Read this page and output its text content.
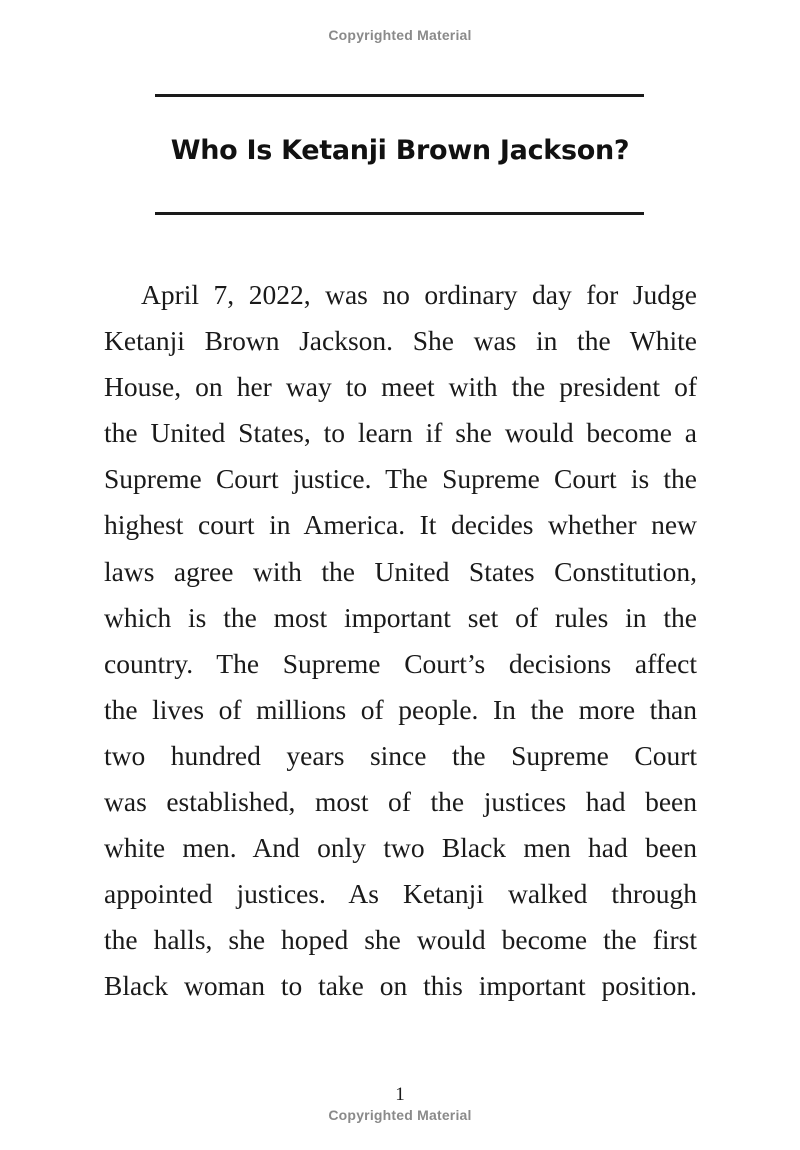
Copyrighted Material
Who Is Ketanji Brown Jackson?
April 7, 2022, was no ordinary day for Judge
Ketanji Brown Jackson. She was in the White
House, on her way to meet with the president of
the United States, to learn if she would become a
Supreme Court justice. The Supreme Court is the
highest court in America. It decides whether new
laws agree with the United States Constitution,
which is the most important set of rules in the
country. The Supreme Court’s decisions affect
the lives of millions of people. In the more than
two hundred years since the Supreme Court
was established, most of the justices had been
white men. And only two Black men had been
appointed justices. As Ketanji walked through
the halls, she hoped she would become the first
Black woman to take on this important position.
1
Copyrighted Material
